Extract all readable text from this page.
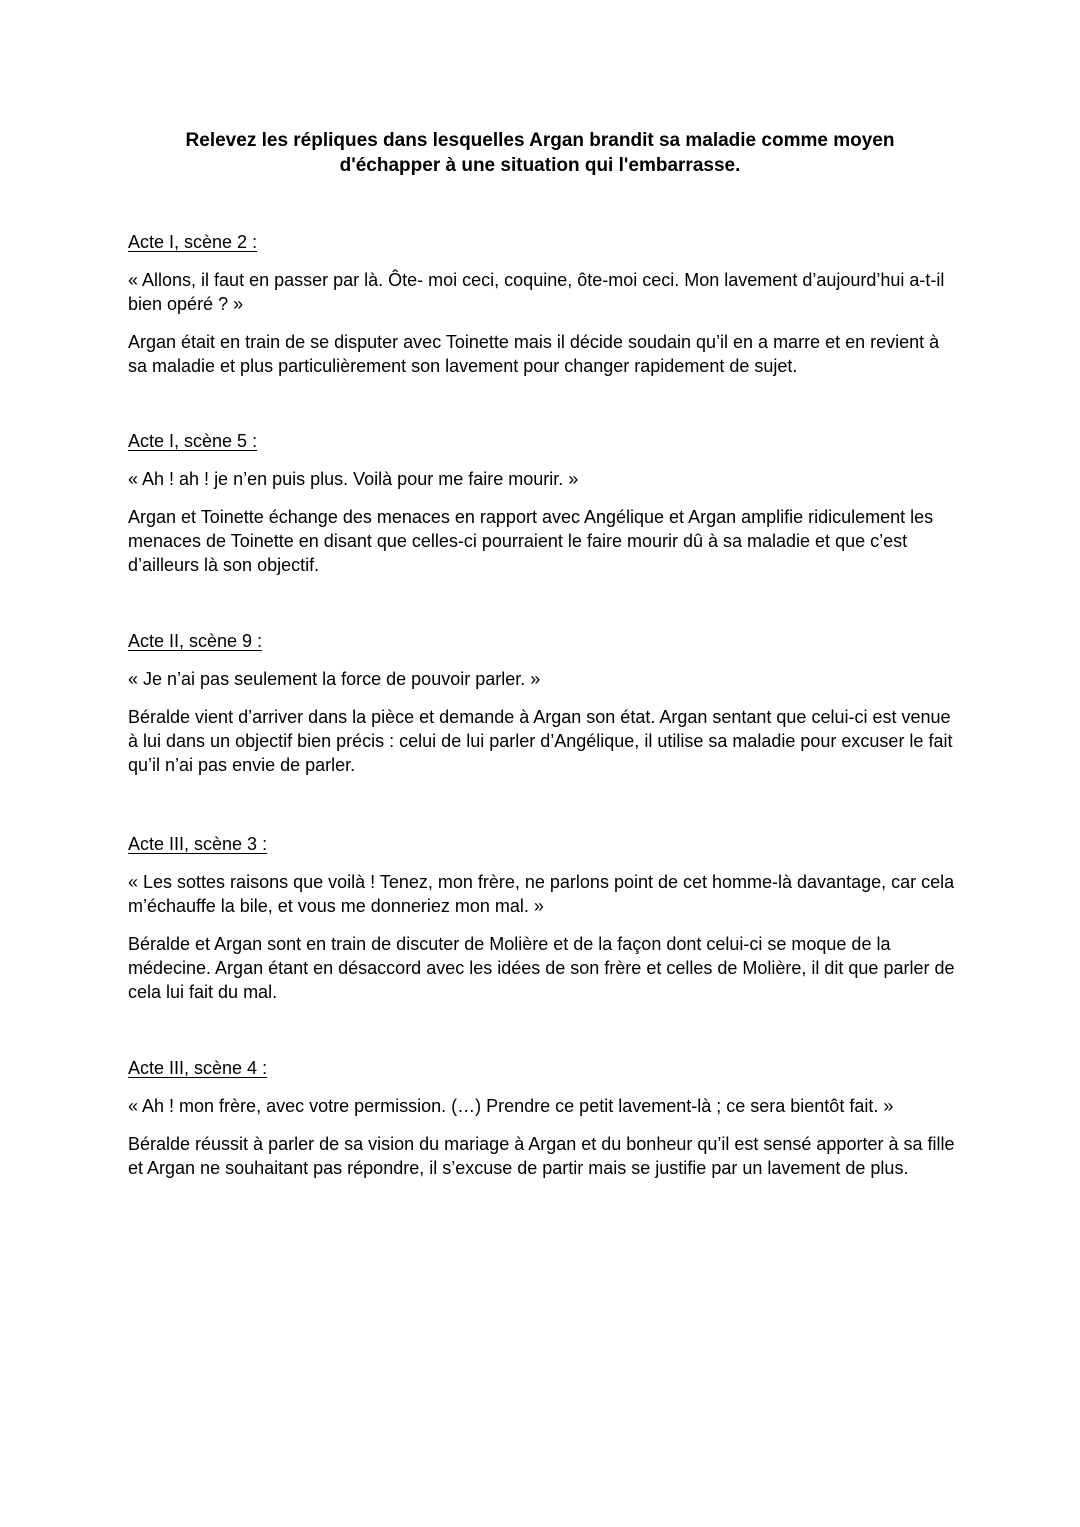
Relevez les répliques dans lesquelles Argan brandit sa maladie comme moyen d'échapper à une situation qui l'embarrasse.

Acte I, scène 2 :

« Allons, il faut en passer par là. Ôte- moi ceci, coquine, ôte-moi ceci. Mon lavement d’aujourd’hui a-t-il bien opéré ? »

Argan était en train de se disputer avec Toinette mais il décide soudain qu’il en a marre et en revient à sa maladie et plus particulièrement son lavement pour changer rapidement de sujet.

Acte I, scène 5 :

« Ah ! ah ! je n’en puis plus. Voilà pour me faire mourir. »

Argan et Toinette échange des menaces en rapport avec Angélique et Argan amplifie ridiculement les menaces de Toinette en disant que celles-ci pourraient le faire mourir dû à sa maladie et que c’est d’ailleurs là son objectif.

Acte II, scène 9 :

« Je n’ai pas seulement la force de pouvoir parler. »

Béralde vient d’arriver dans la pièce et demande à Argan son état. Argan sentant que celui-ci est venue à lui dans un objectif bien précis : celui de lui parler d’Angélique, il utilise sa maladie pour excuser le fait qu’il n’ai pas envie de parler.

Acte III, scène 3 :

« Les sottes raisons que voilà ! Tenez, mon frère, ne parlons point de cet homme-là davantage, car cela m’échauffe la bile, et vous me donneriez mon mal. »

Béralde et Argan sont en train de discuter de Molière et de la façon dont celui-ci se moque de la médecine. Argan étant en désaccord avec les idées de son frère et celles de Molière, il dit que parler de cela lui fait du mal.

Acte III, scène 4 :

« Ah ! mon frère, avec votre permission. (…) Prendre ce petit lavement-là ; ce sera bientôt fait. »

Béralde réussit à parler de sa vision du mariage à Argan et du bonheur qu’il est sensé apporter à sa fille et Argan ne souhaitant pas répondre, il s’excuse de partir mais se justifie par un lavement de plus.
